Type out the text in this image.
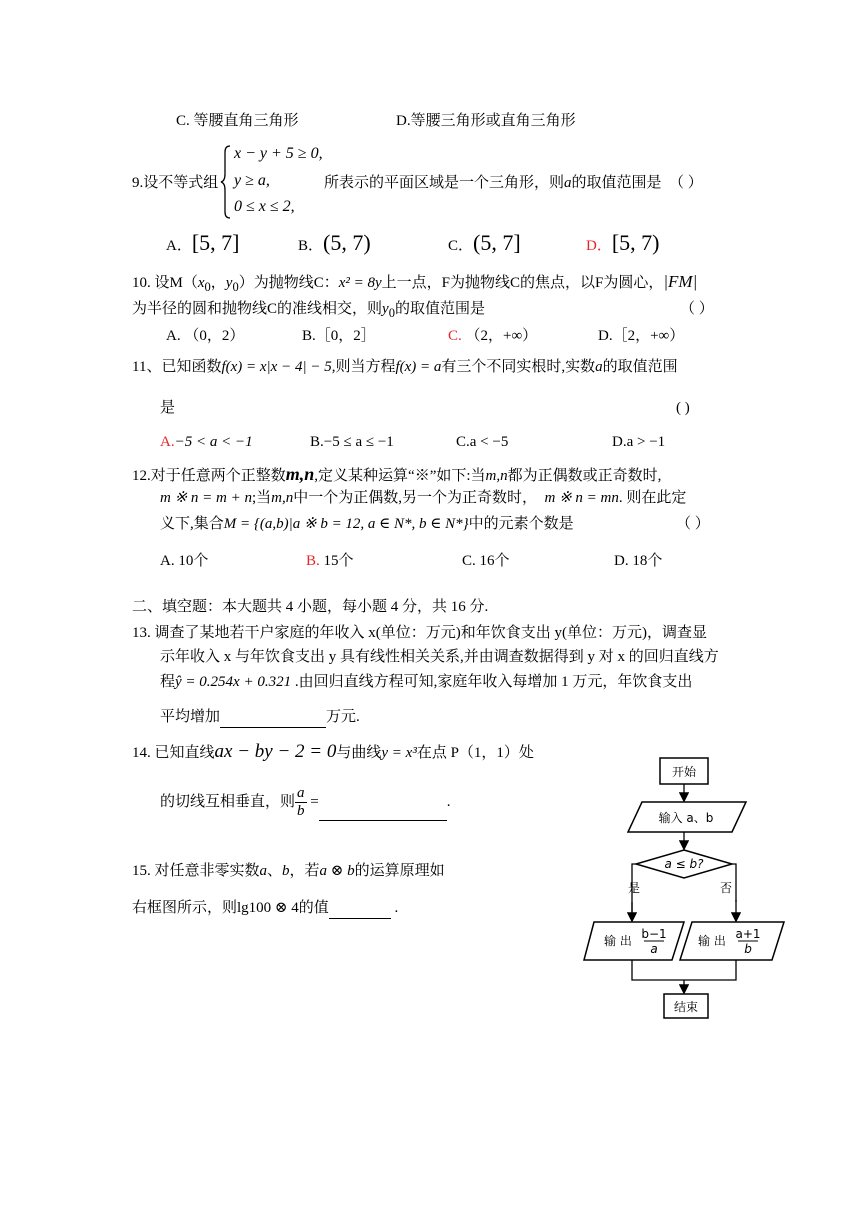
C. 等腰直角三角形	D.等腰三角形或直角三角形
9.设不等式组
x − y + 5 ≥ 0,
y ≥ a,
0 ≤ x ≤ 2,
所表示的平面区域是一个三角形，则a的取值范围是 （ ）
A．[5, 7]	B．(5, 7)	C．(5, 7]	D．[5, 7)
10. 设$M(x_0$，$y_0$）为抛物线C：x² = 8y上一点，F为抛物线C的焦点，以F为圆心，|FM|
为半径的圆和抛物线C的准线相交，则$y_0$的取值范围是	（ ）
A. （0，2）	B.［0，2］	C. （2，+∞）	D.［2，+∞）
11、已知函数f(x) = x|x − 4| − 5,则当方程f(x) = a有三个不同实根时,实数a的取值范围
是	( )
A.−5 < a < −1	B.−5 ≤ a ≤ −1	C.a < −5	D.a > −1
12.对于任意两个正整数m,n,定义某种运算“※”如下:当m,n都为正偶数或正奇数时,
m ※ n = m + n;当m,n中一个为正偶数,另一个为正奇数时， m ※ n = mn. 则在此定
义下,集合M = {(a,b)|a ※ b = 12, a ∈ N*, b ∈ N*}中的元素个数是	（ ）
A. 10个	B. 15个	C. 16个	D. 18个
二、填空题：本大题共 4 小题，每小题 4 分，共 16 分.
13. 调查了某地若干户家庭的年收入 x(单位：万元)和年饮食支出 y(单位：万元)，调查显
示年收入 x 与年饮食支出 y 具有线性相关关系,并由调查数据得到 y 对 x 的回归直线方
程ŷ = 0.254x + 0.321 .由回归直线方程可知,家庭年收入每增加 1 万元，年饮食支出
平均增加	万元.
14. 已知直线ax − by − 2 = 0与曲线y = x³在点 P（1，1）处
的切线互相垂直，则 $\frac{a}{b}$ =	.
15. 对任意非零实数a、b，若a ⊗ b的运算原理如
右框图所示，则lg100 ⊗ 4的值	.
开始
输入 a、b
a ≤ b?
是	否
输 出 b−1
a
输 出 a+1
b
结束
